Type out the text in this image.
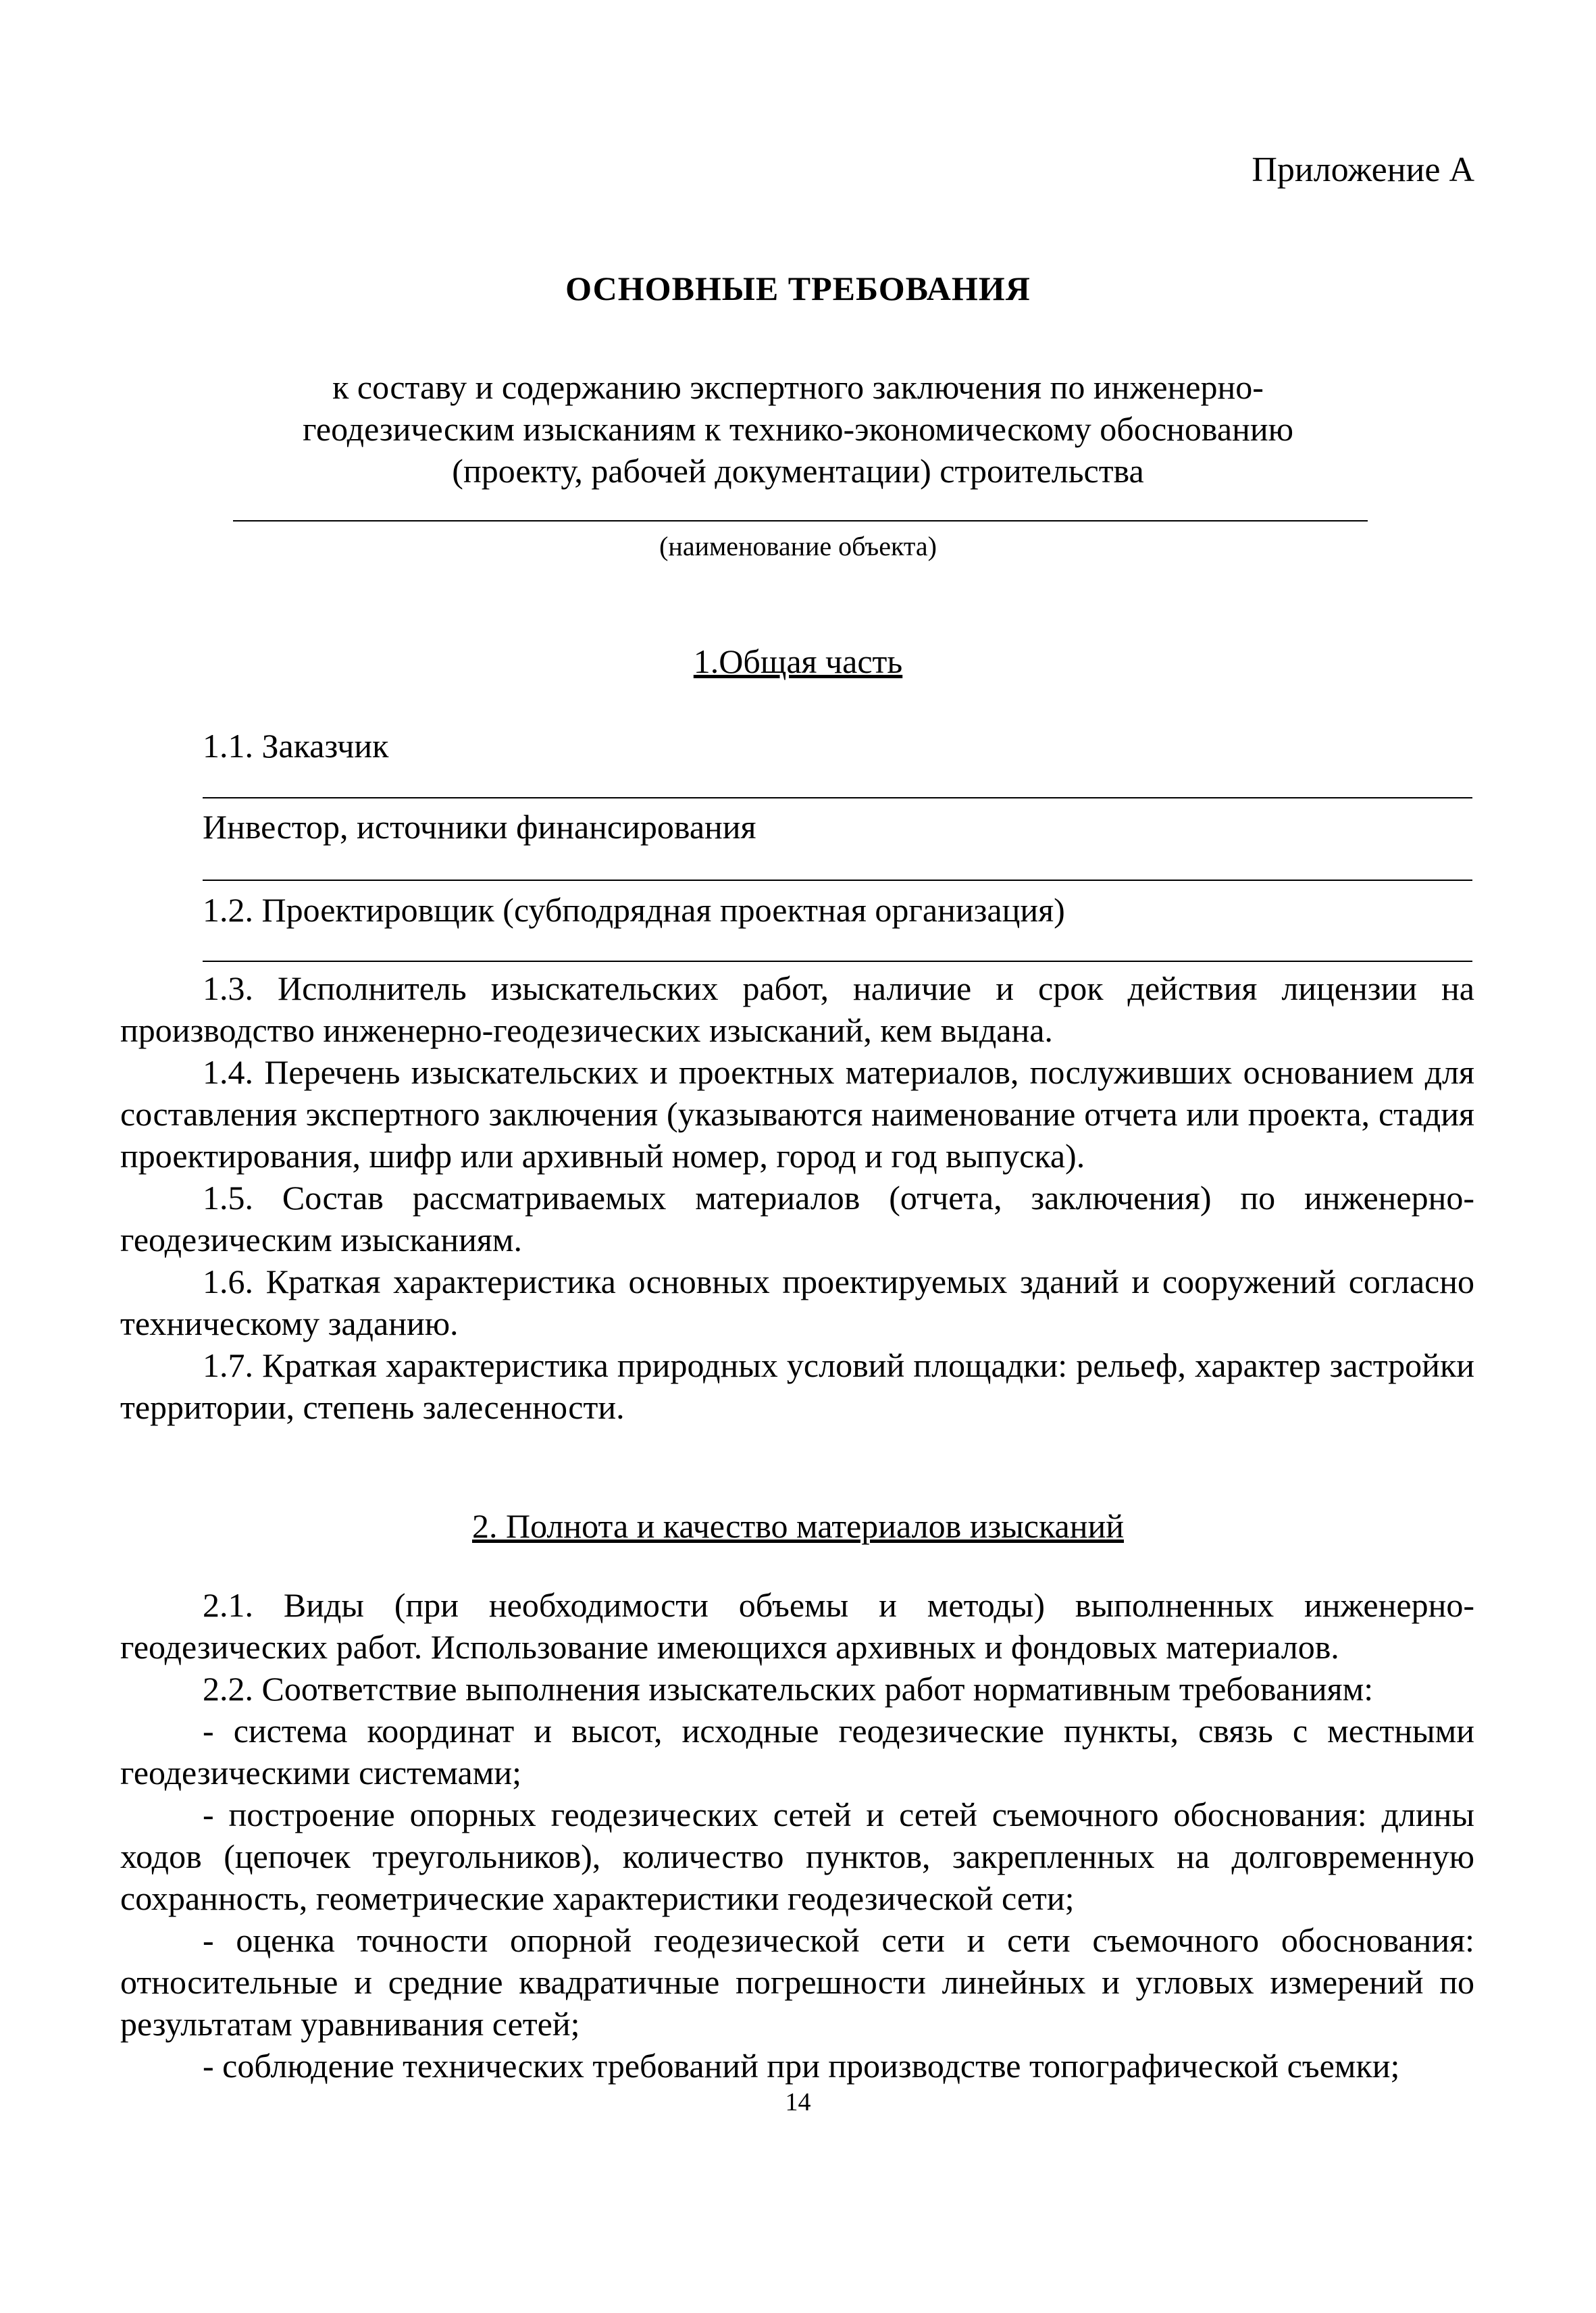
Приложение А
ОСНОВНЫЕ ТРЕБОВАНИЯ
к составу и содержанию экспертного заключения по инженерно-
геодезическим изысканиям к технико-экономическому обоснованию
(проекту, рабочей документации) строительства
(наименование объекта)
1.Общая часть
1.1. Заказчик
Инвестор, источники финансирования
1.2. Проектировщик (субподрядная проектная организация)

1.3. Исполнитель изыскательских работ, наличие и срок действия лицензии на производство инженерно-геодезических изысканий, кем выдана.

1.4. Перечень изыскательских и проектных материалов, послуживших основанием для составления экспертного заключения (указываются наименование отчета или проекта, стадия проектирования, шифр или архивный номер, город и год выпуска).

1.5. Состав рассматриваемых материалов (отчета, заключения) по инженерно-геодезическим изысканиям.

1.6. Краткая характеристика основных проектируемых зданий и сооружений согласно техническому заданию.

1.7. Краткая характеристика природных условий площадки: рельеф, характер застройки территории, степень залесенности.

2. Полнота и качество материалов изысканий

2.1. Виды (при необходимости объемы и методы) выполненных инженерно-геодезических работ. Использование имеющихся архивных и фондовых материалов.

2.2. Соответствие выполнения изыскательских работ нормативным требованиям:

- система координат и высот, исходные геодезические пункты, связь с местными геодезическими системами;

- построение опорных геодезических сетей и сетей съемочного обоснования: длины ходов (цепочек треугольников), количество пунктов, закрепленных на долговременную сохранность, геометрические характеристики геодезической сети;

- оценка точности опорной геодезической сети и сети съемочного обоснования: относительные и средние квадратичные погрешности линейных и угловых измерений по результатам уравнивания сетей;

- соблюдение технических требований при производстве топографической съемки;

14
